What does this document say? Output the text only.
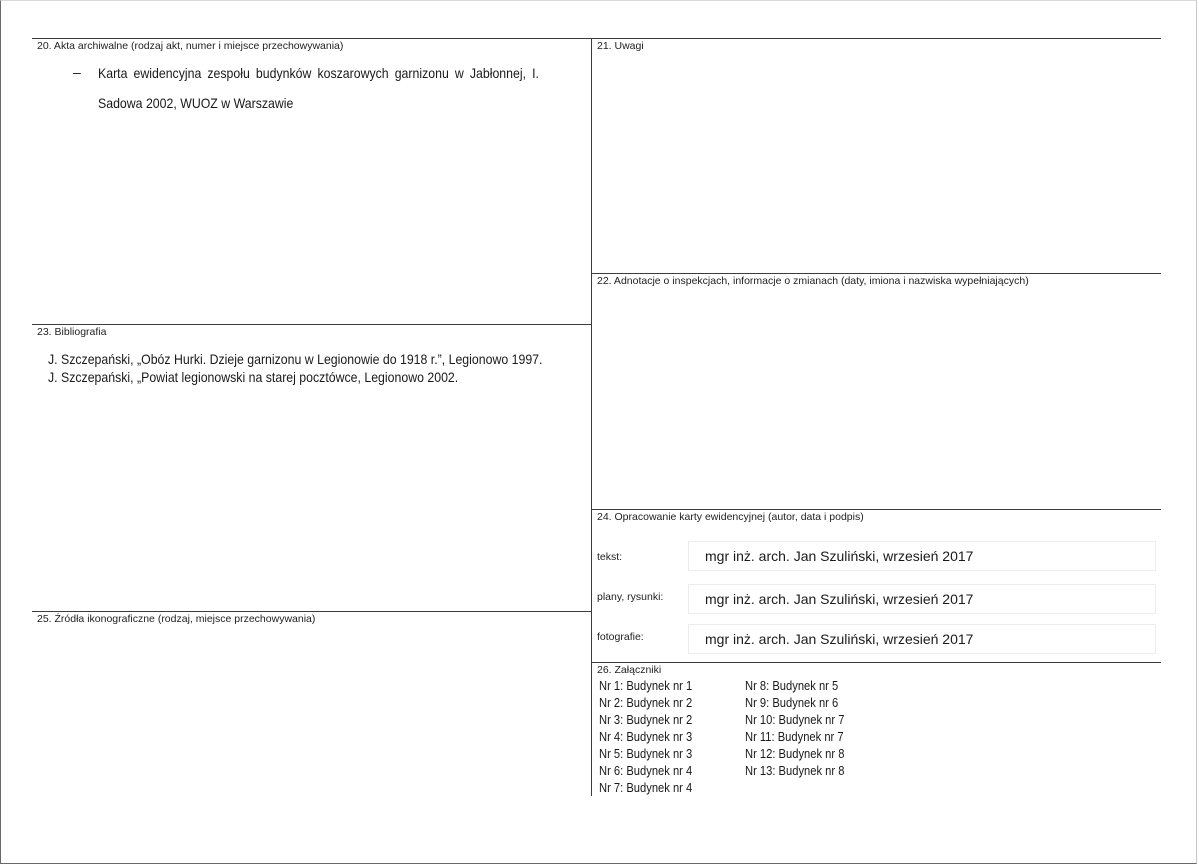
20. Akta archiwalne (rodzaj akt, numer i miejsce przechowywania)
– Karta ewidencyjna zespołu budynków koszarowych garnizonu w Jabłonnej, I.
Sadowa 2002, WUOZ w Warszawie
21. Uwagi
22. Adnotacje o inspekcjach, informacje o zmianach (daty, imiona i nazwiska wypełniających)
23. Bibliografia
J. Szczepański, „Obóz Hurki. Dzieje garnizonu w Legionowie do 1918 r.”, Legionowo 1997.
J. Szczepański, „Powiat legionowski na starej pocztówce, Legionowo 2002.
24. Opracowanie karty ewidencyjnej (autor, data i podpis)
tekst:	mgr inż. arch. Jan Szuliński, wrzesień 2017
plany, rysunki:	mgr inż. arch. Jan Szuliński, wrzesień 2017
fotografie:	mgr inż. arch. Jan Szuliński, wrzesień 2017
25. Źródła ikonograficzne (rodzaj, miejsce przechowywania)
26. Załączniki
Nr 1: Budynek nr 1
Nr 2: Budynek nr 2
Nr 3: Budynek nr 2
Nr 4: Budynek nr 3
Nr 5: Budynek nr 3
Nr 6: Budynek nr 4
Nr 7: Budynek nr 4
Nr 8: Budynek nr 5
Nr 9: Budynek nr 6
Nr 10: Budynek nr 7
Nr 11: Budynek nr 7
Nr 12: Budynek nr 8
Nr 13: Budynek nr 8
